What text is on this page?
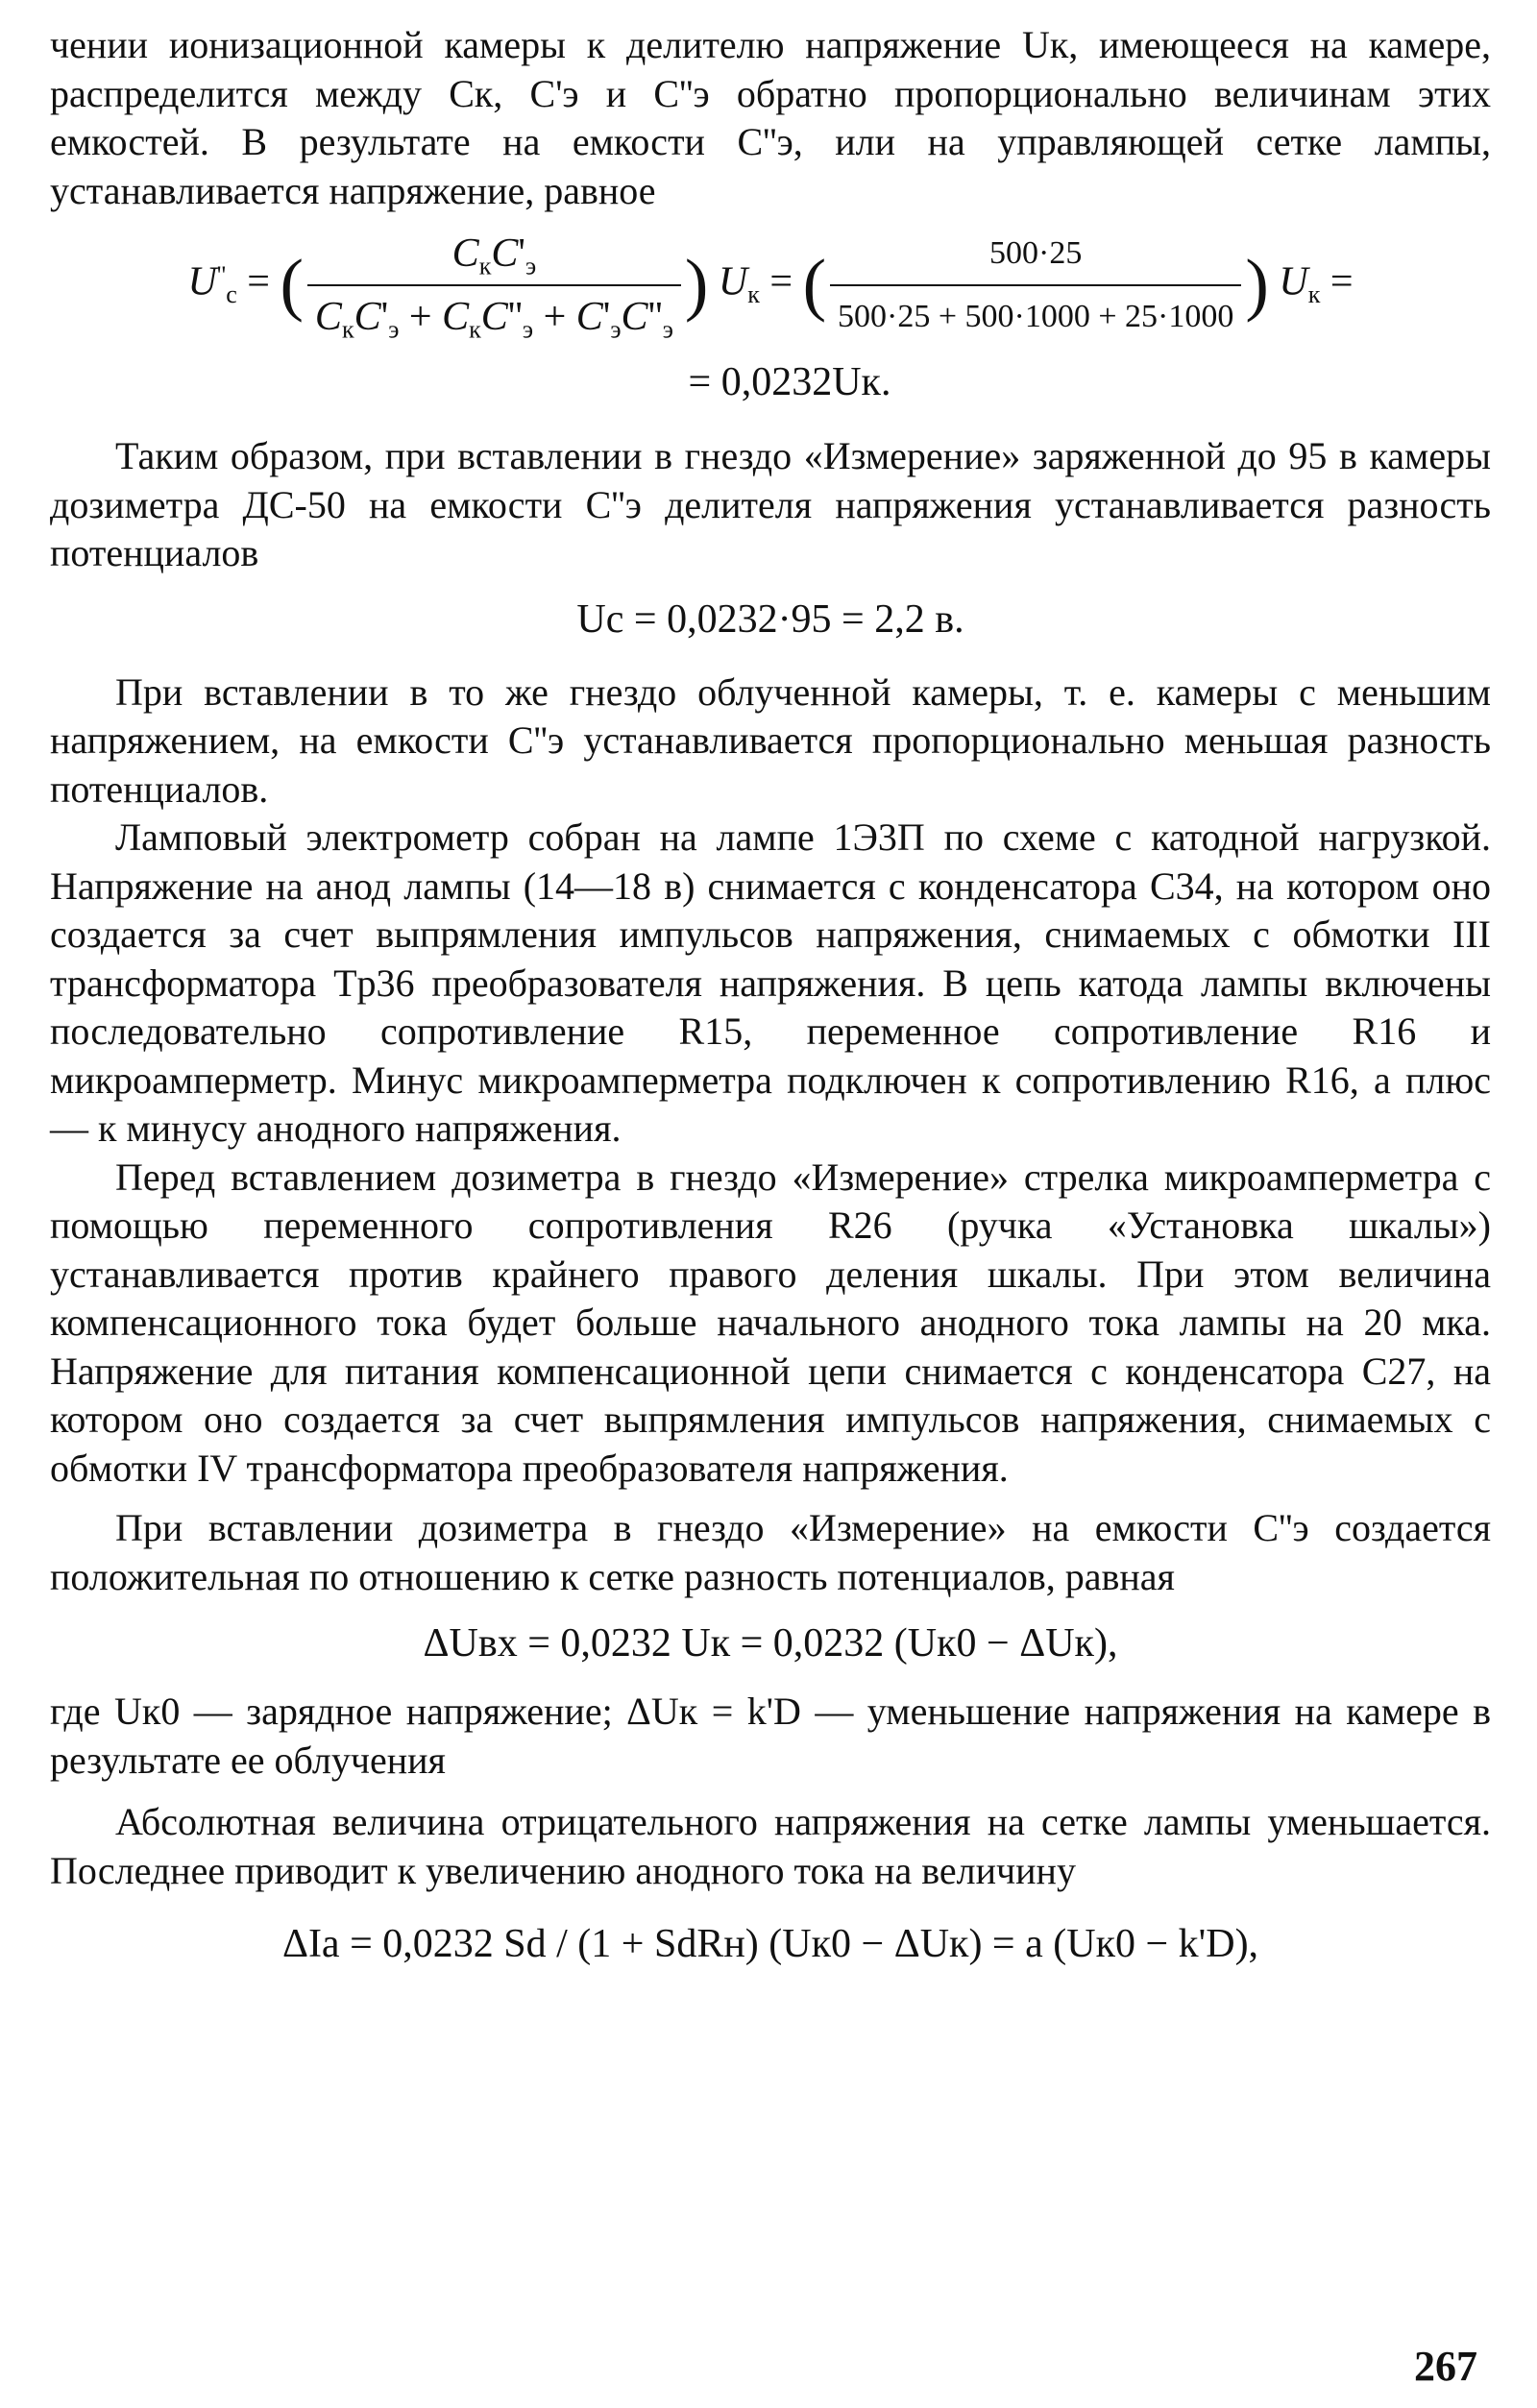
чении ионизационной камеры к делителю напряжение Uк, имеющееся на камере, распределится между Cк, C'э и C''э обратно пропорционально величинам этих емкостей. В результате на емкости C''э, или на управляющей сетке лампы, устанавливается напряжение, равное

$U''_с$ = ( $\frac{C_кC'_э}{C_кC'_э + C_кC''_э + C'_эC''_э}$ ) $U_к$ = ( $\frac{500\cdot 25}{500\cdot 25 + 500\cdot 1000 + 25\cdot 1000}$ ) $U_к$ =
= 0,0232Uк.

Таким образом, при вставлении в гнездо «Измерение» заряженной до 95 в камеры дозиметра ДС-50 на емкости C''э делителя напряжения устанавливается разность потенциалов

Uс = 0,0232·95 = 2,2 в.

При вставлении в то же гнездо облученной камеры, т. е. камеры с меньшим напряжением, на емкости C''э устанавливается пропорционально меньшая разность потенциалов.

Ламповый электрометр собран на лампе 1Э3П по схеме с катодной нагрузкой. Напряжение на анод лампы (14—18 в) снимается с конденсатора C34, на котором оно создается за счет выпрямления импульсов напряжения, снимаемых с обмотки III трансформатора Tр36 преобразователя напряжения. В цепь катода лампы включены последовательно сопротивление R15, переменное сопротивление R16 и микроамперметр. Минус микроамперметра подключен к сопротивлению R16, а плюс — к минусу анодного напряжения.

Перед вставлением дозиметра в гнездо «Измерение» стрелка микроамперметра с помощью переменного сопротивления R26 (ручка «Установка шкалы») устанавливается против крайнего правого деления шкалы. При этом величина компенсационного тока будет больше начального анодного тока лампы на 20 мка. Напряжение для питания компенсационной цепи снимается с конденсатора C27, на котором оно создается за счет выпрямления импульсов напряжения, снимаемых с обмотки IV трансформатора преобразователя напряжения.

При вставлении дозиметра в гнездо «Измерение» на емкости C''э создается положительная по отношению к сетке разность потенциалов, равная

ΔUвх = 0,0232 Uк = 0,0232 (Uк0 − ΔUк),

где Uк0 — зарядное напряжение; ΔUк = k'D — уменьшение напряжения на камере в результате ее облучения

Абсолютная величина отрицательного напряжения на сетке лампы уменьшается. Последнее приводит к увеличению анодного тока на величину

ΔIa = 0,0232 Sd / (1 + SdRн) (Uк0 − ΔUк) = a (Uк0 − k'D),
267
